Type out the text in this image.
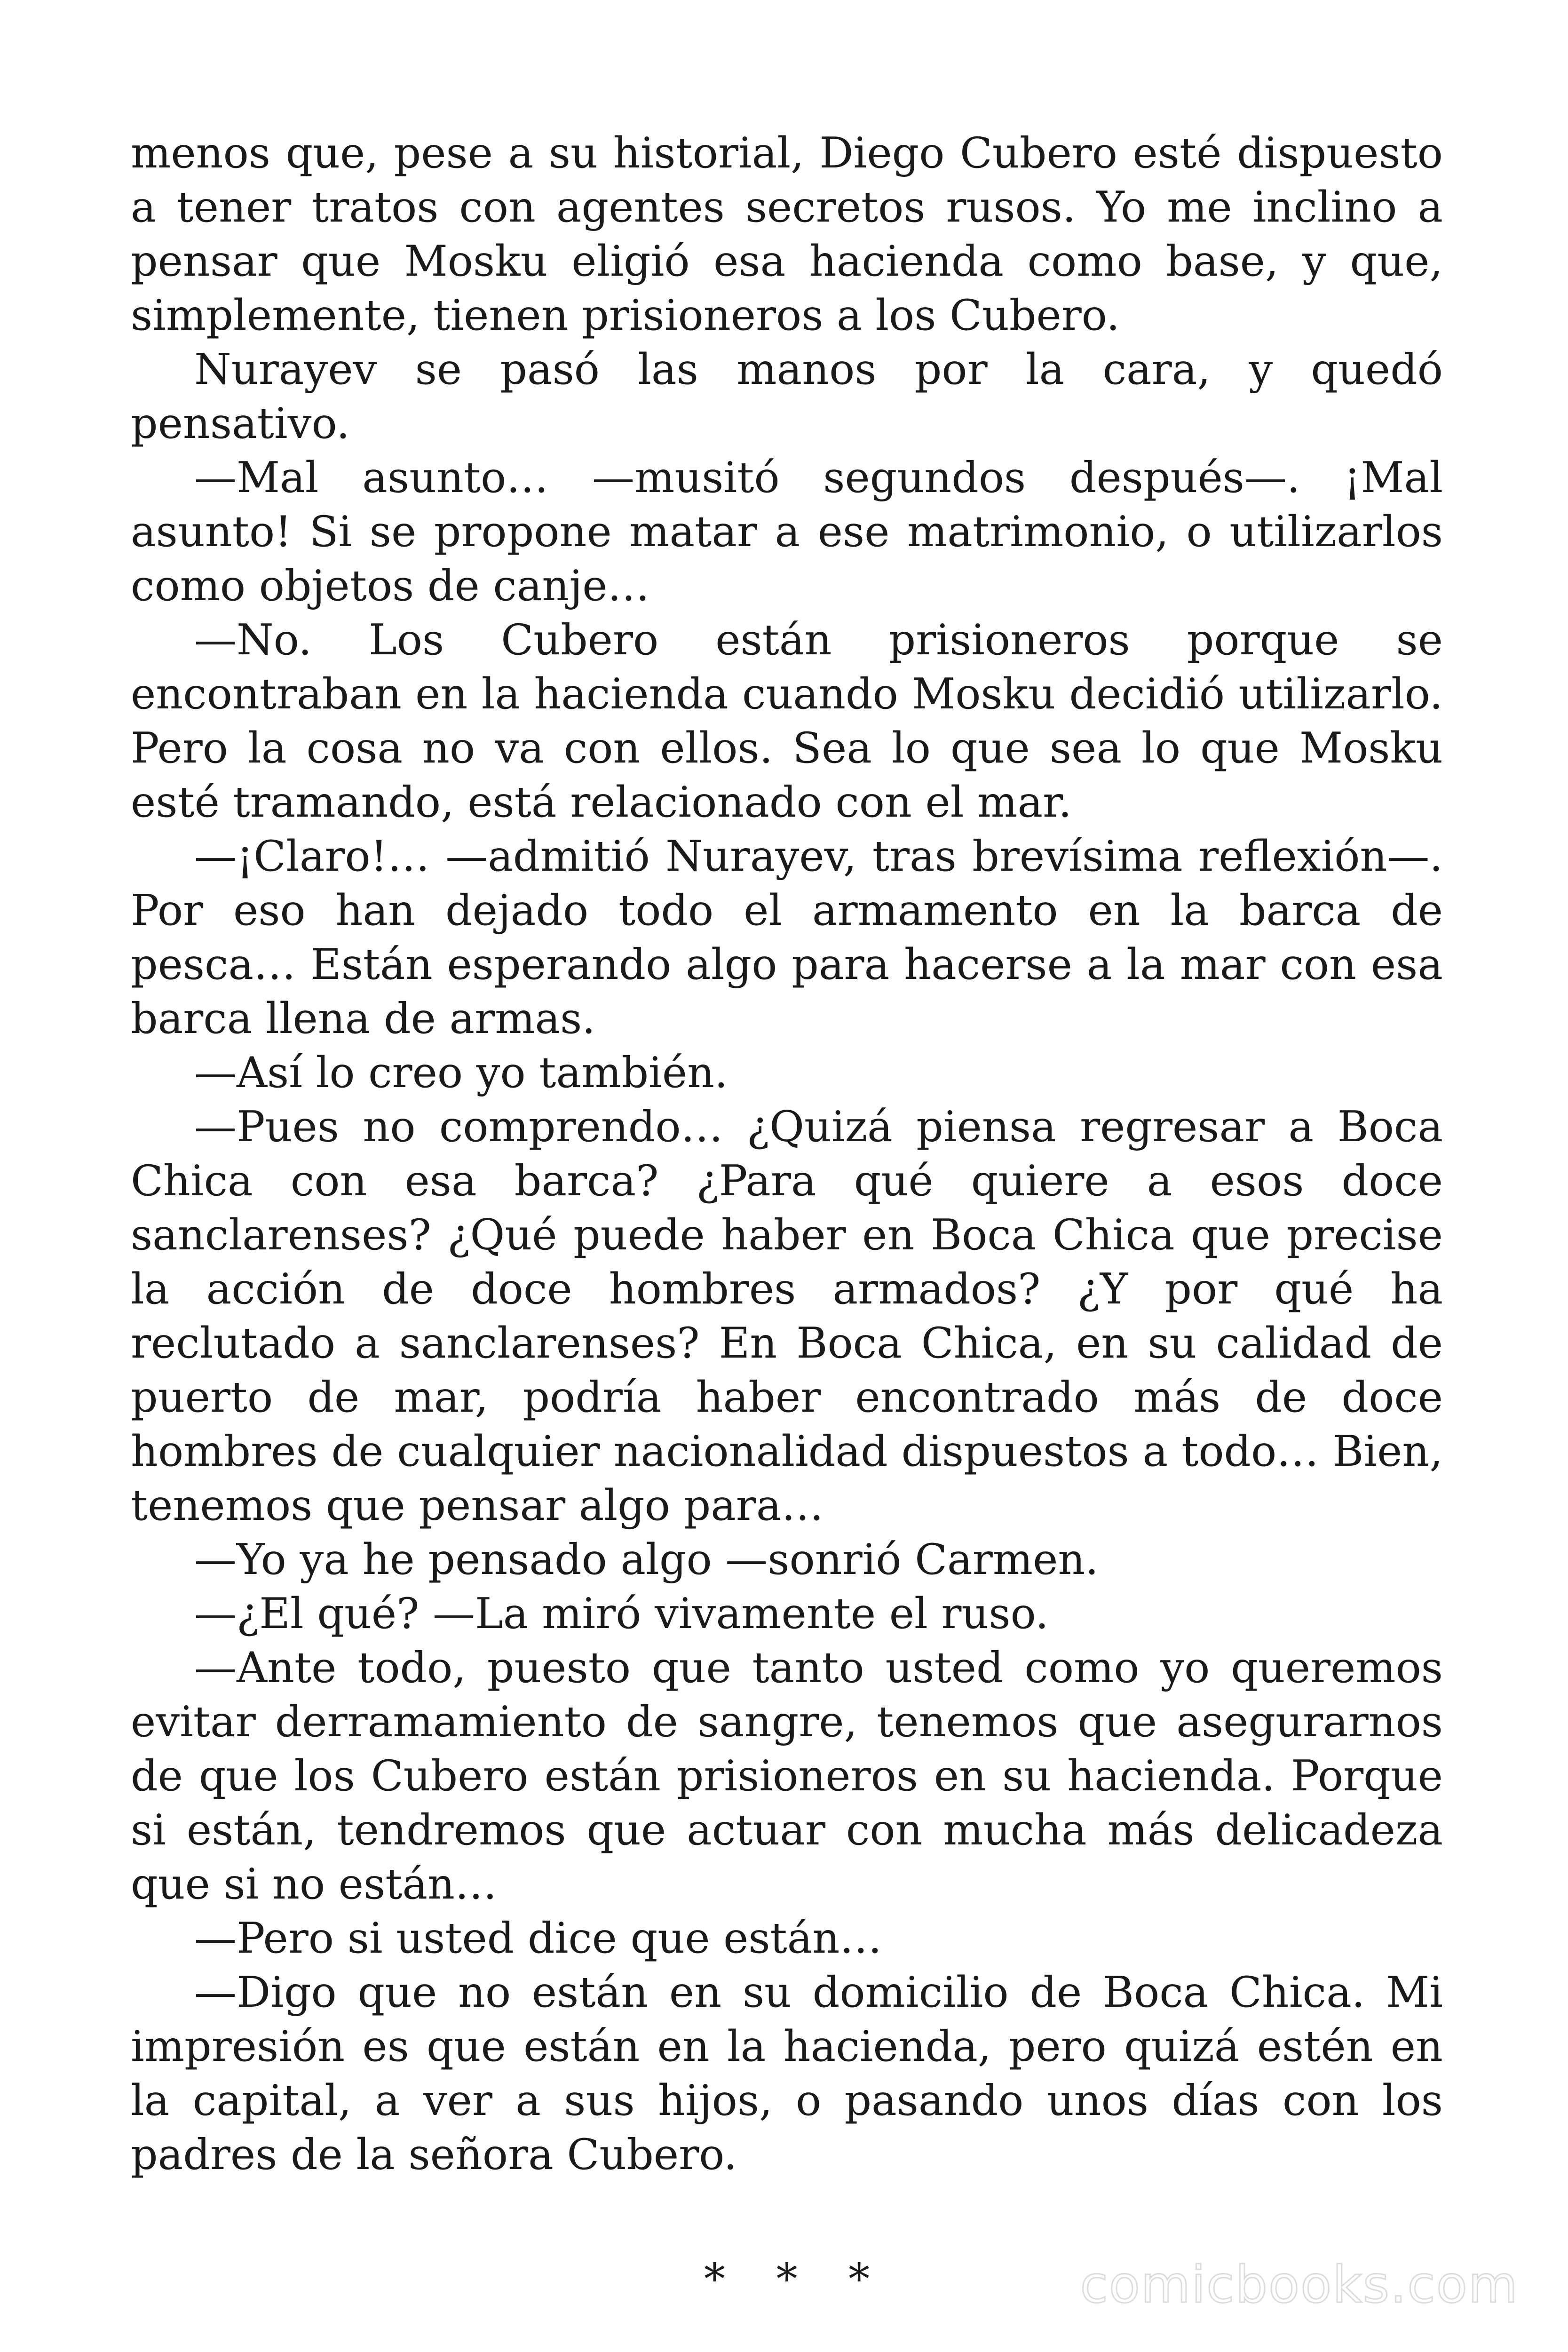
menos que, pese a su historial, Diego Cubero esté dispuesto a tener tratos con agentes secretos rusos. Yo me inclino a pensar que Mosku eligió esa hacienda como base, y que, simplemente, tienen prisioneros a los Cubero.

Nurayev se pasó las manos por la cara, y quedó pensativo.

—Mal asunto… —musitó segundos después—. ¡Mal asunto! Si se propone matar a ese matrimonio, o utilizarlos como objetos de canje…

—No. Los Cubero están prisioneros porque se encontraban en la hacienda cuando Mosku decidió utilizarlo. Pero la cosa no va con ellos. Sea lo que sea lo que Mosku esté tramando, está relacionado con el mar.

—¡Claro!… —admitió Nurayev, tras brevísima reflexión—. Por eso han dejado todo el armamento en la barca de pesca… Están esperando algo para hacerse a la mar con esa barca llena de armas.

—Así lo creo yo también.

—Pues no comprendo… ¿Quizá piensa regresar a Boca Chica con esa barca? ¿Para qué quiere a esos doce sanclarenses? ¿Qué puede haber en Boca Chica que precise la acción de doce hombres armados? ¿Y por qué ha reclutado a sanclarenses? En Boca Chica, en su calidad de puerto de mar, podría haber encontrado más de doce hombres de cualquier nacionalidad dispuestos a todo… Bien, tenemos que pensar algo para…

—Yo ya he pensado algo —sonrió Carmen.

—¿El qué? —La miró vivamente el ruso.

—Ante todo, puesto que tanto usted como yo queremos evitar derramamiento de sangre, tenemos que asegurarnos de que los Cubero están prisioneros en su hacienda. Porque si están, tendremos que actuar con mucha más delicadeza que si no están…

—Pero si usted dice que están…

—Digo que no están en su domicilio de Boca Chica. Mi impresión es que están en la hacienda, pero quizá estén en la capital, a ver a sus hijos, o pasando unos días con los padres de la señora Cubero.

* * *	comicbooks.com
